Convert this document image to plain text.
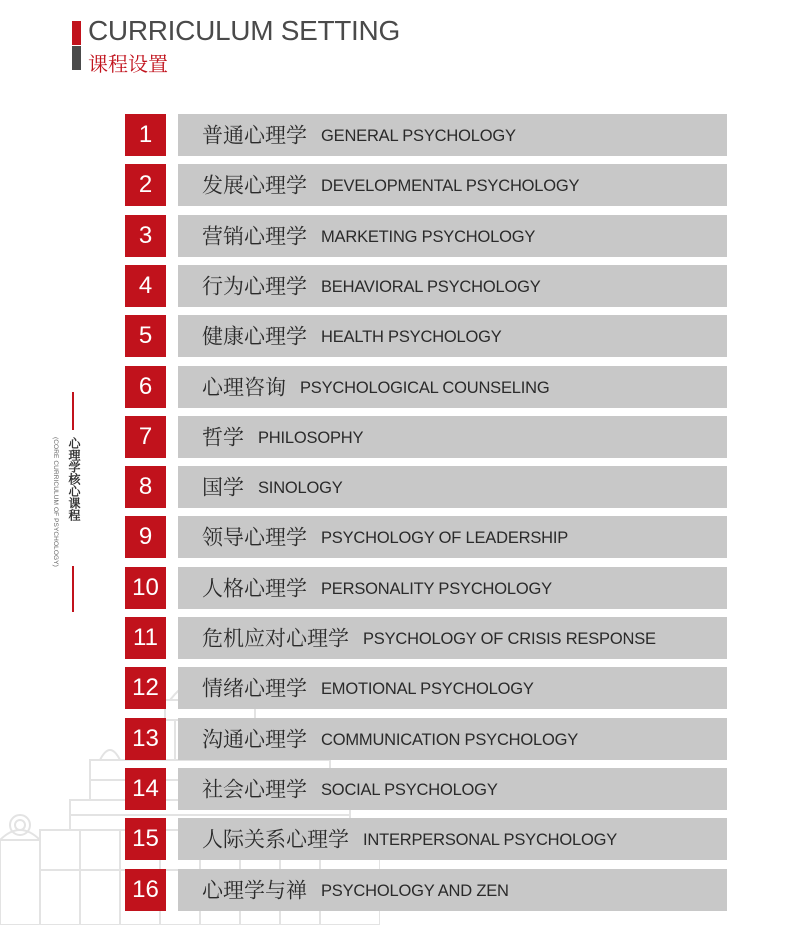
CURRICULUM SETTING
课程设置
心理学核心课程
(CORE CURRICULUM OF PSYCHOLOGY)
1	普通心理学 GENERAL PSYCHOLOGY
2	发展心理学 DEVELOPMENTAL PSYCHOLOGY
3	营销心理学 MARKETING PSYCHOLOGY
4	行为心理学 BEHAVIORAL PSYCHOLOGY
5	健康心理学 HEALTH PSYCHOLOGY
6	心理咨询 PSYCHOLOGICAL COUNSELING
7	哲学 PHILOSOPHY
8	国学 SINOLOGY
9	领导心理学 PSYCHOLOGY OF LEADERSHIP
10	人格心理学 PERSONALITY PSYCHOLOGY
11	危机应对心理学 PSYCHOLOGY OF CRISIS RESPONSE
12	情绪心理学 EMOTIONAL PSYCHOLOGY
13	沟通心理学 COMMUNICATION PSYCHOLOGY
14	社会心理学 SOCIAL PSYCHOLOGY
15	人际关系心理学 INTERPERSONAL PSYCHOLOGY
16	心理学与禅 PSYCHOLOGY AND ZEN
